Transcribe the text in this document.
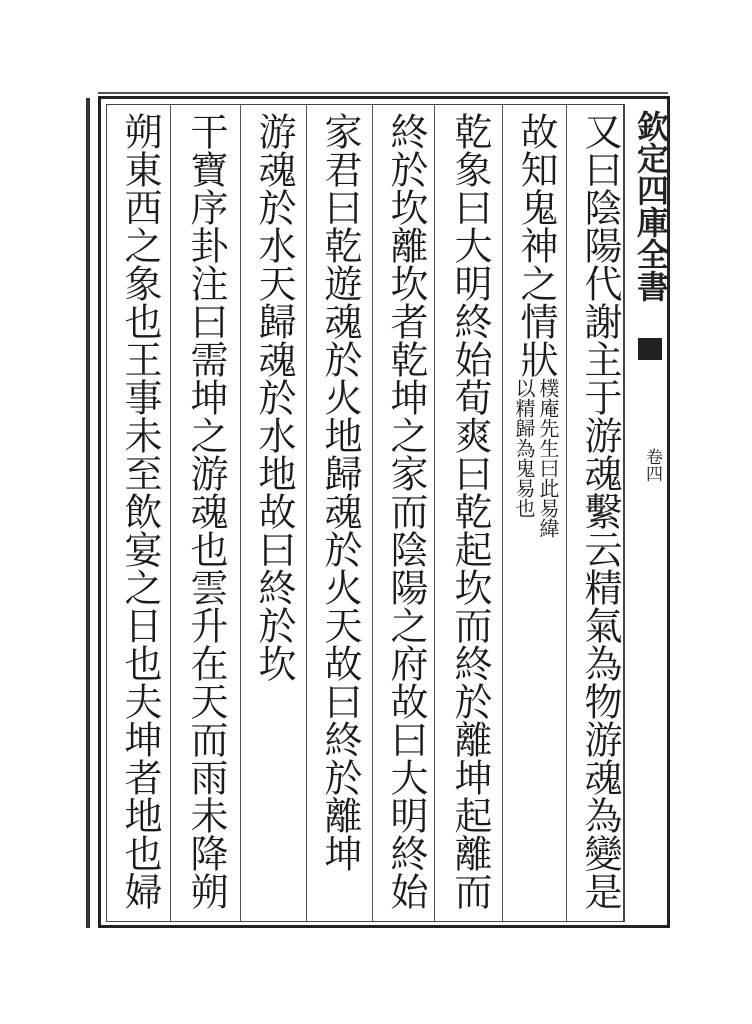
欽定四庫全書
卷四
又曰陰陽代謝主于游魂繫云精氣為物游魂為變是
故知鬼神之情狀
樸庵先生曰此易緯
以精歸為鬼易也
乾象曰大明終始荀爽曰乾起坎而終於離坤起離而
終於坎離坎者乾坤之家而陰陽之府故曰大明終始
家君曰乾遊魂於火地歸魂於火天故曰終於離坤
游魂於水天歸魂於水地故曰終於坎
干寶序卦注曰需坤之游魂也雲升在天而雨未降朔
朔東西之象也王事未至飲宴之日也夫坤者地也婦
